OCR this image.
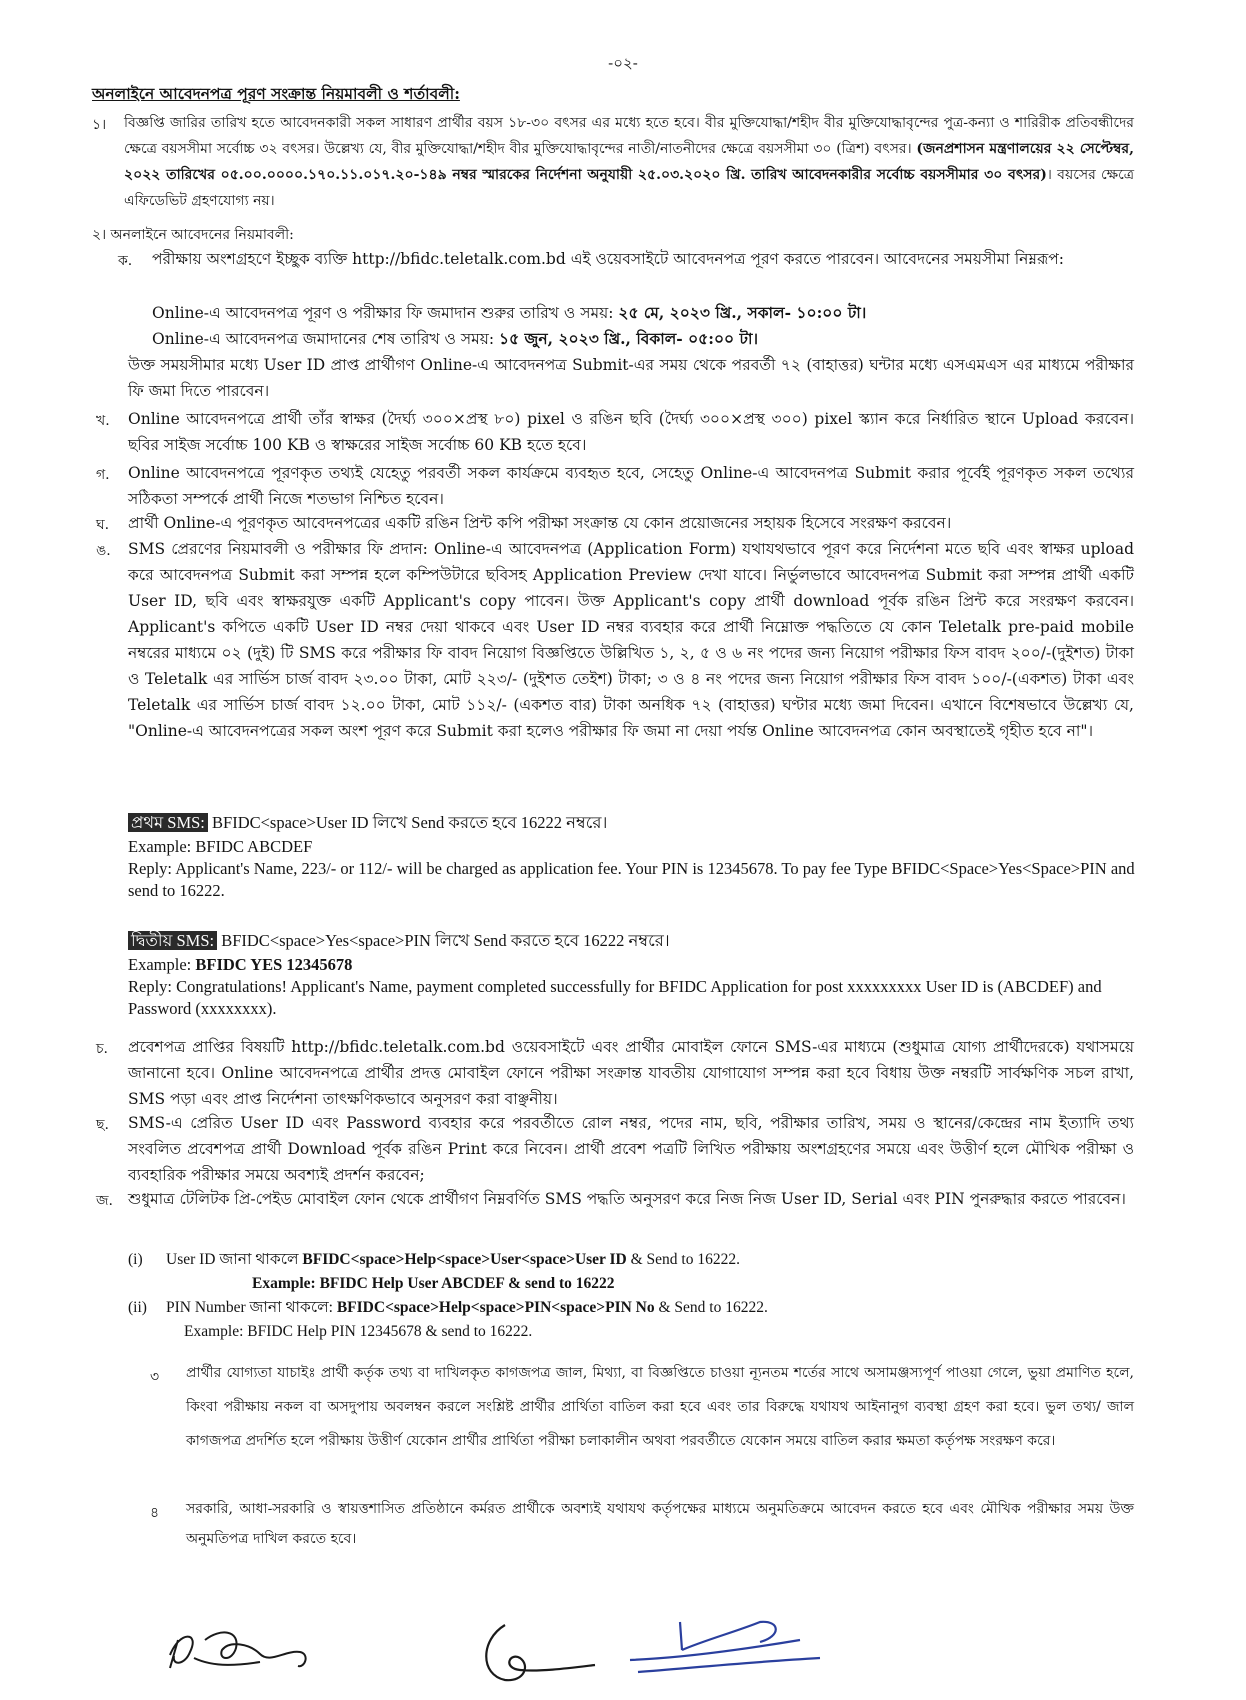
-০২-
অনলাইনে আবেদনপত্র পূরণ সংক্রান্ত নিয়মাবলী ও শর্তাবলী:
১। বিজ্ঞপ্তি জারির তারিখ হতে আবেদনকারী সকল সাধারণ প্রার্থীর বয়স ১৮-৩০ বৎসর এর মধ্যে হতে হবে। বীর মুক্তিযোদ্ধা/শহীদ বীর মুক্তিযোদ্ধাবৃন্দের পুত্র-কন্যা ও শারিরীক প্রতিবন্ধীদের ক্ষেত্রে বয়সসীমা সর্বোচ্চ ৩২ বৎসর। উল্লেখ্য যে, বীর মুক্তিযোদ্ধা/শহীদ বীর মুক্তিযোদ্ধাবৃন্দের নাতী/নাতনীদের ক্ষেত্রে বয়সসীমা ৩০ (ত্রিশ) বৎসর। (জনপ্রশাসন মন্ত্রণালয়ের ২২ সেপ্টেম্বর, ২০২২ তারিখের ০৫.০০.০০০০.১৭০.১১.০১৭.২০-১৪৯ নম্বর স্মারকের নির্দেশনা অনুযায়ী ২৫.০৩.২০২০ খ্রি. তারিখ আবেদনকারীর সর্বোচ্চ বয়সসীমার ৩০ বৎসর)। বয়সের ক্ষেত্রে এফিডেভিট গ্রহণযোগ্য নয়।
২। অনলাইনে আবেদনের নিয়মাবলী:
ক. পরীক্ষায় অংশগ্রহণে ইচ্ছুক ব্যক্তি http://bfidc.teletalk.com.bd এই ওয়েবসাইটে আবেদনপত্র পূরণ করতে পারবেন। আবেদনের সময়সীমা নিম্নরূপ:
Online-এ আবেদনপত্র পূরণ ও পরীক্ষার ফি জমাদান শুরুর তারিখ ও সময়: ২৫ মে, ২০২৩ খ্রি., সকাল- ১০:০০ টা।
Online-এ আবেদনপত্র জমাদানের শেষ তারিখ ও সময়: ১৫ জুন, ২০২৩ খ্রি., বিকাল- ০৫:০০ টা।
উক্ত সময়সীমার মধ্যে User ID প্রাপ্ত প্রার্থীগণ Online-এ আবেদনপত্র Submit-এর সময় থেকে পরবর্তী ৭২ (বাহাত্তর) ঘন্টার মধ্যে এসএমএস এর মাধ্যমে পরীক্ষার ফি জমা দিতে পারবেন।
খ. Online আবেদনপত্রে প্রার্থী তাঁর স্বাক্ষর (দৈর্ঘ্য ৩০০×প্রস্থ ৮০) pixel ও রঙিন ছবি (দৈর্ঘ্য ৩০০×প্রস্থ ৩০০) pixel স্ক্যান করে নির্ধারিত স্থানে Upload করবেন। ছবির সাইজ সর্বোচ্চ 100 KB ও স্বাক্ষরের সাইজ সর্বোচ্চ 60 KB হতে হবে।
গ. Online আবেদনপত্রে পূরণকৃত তথ্যই যেহেতু পরবর্তী সকল কার্যক্রমে ব্যবহৃত হবে, সেহেতু Online-এ আবেদনপত্র Submit করার পূর্বেই পূরণকৃত সকল তথ্যের সঠিকতা সম্পর্কে প্রার্থী নিজে শতভাগ নিশ্চিত হবেন।
ঘ. প্রার্থী Online-এ পূরণকৃত আবেদনপত্রের একটি রঙিন প্রিন্ট কপি পরীক্ষা সংক্রান্ত যে কোন প্রয়োজনের সহায়ক হিসেবে সংরক্ষণ করবেন।
ঙ. SMS প্রেরণের নিয়মাবলী ও পরীক্ষার ফি প্রদান: Online-এ আবেদনপত্র (Application Form) যথাযথভাবে পূরণ করে নির্দেশনা মতে ছবি এবং স্বাক্ষর upload করে আবেদনপত্র Submit করা সম্পন্ন হলে কম্পিউটারে ছবিসহ Application Preview দেখা যাবে। নির্ভুলভাবে আবেদনপত্র Submit করা সম্পন্ন প্রার্থী একটি User ID, ছবি এবং স্বাক্ষরযুক্ত একটি Applicant's copy পাবেন। উক্ত Applicant's copy প্রার্থী download পূর্বক রঙিন প্রিন্ট করে সংরক্ষণ করবেন। Applicant's কপিতে একটি User ID নম্বর দেয়া থাকবে এবং User ID নম্বর ব্যবহার করে প্রার্থী নিম্নোক্ত পদ্ধতিতে যে কোন Teletalk pre-paid mobile নম্বরের মাধ্যমে ০২ (দুই) টি SMS করে পরীক্ষার ফি বাবদ নিয়োগ বিজ্ঞপ্তিতে উল্লিখিত ১, ২, ৫ ও ৬ নং পদের জন্য নিয়োগ পরীক্ষার ফিস বাবদ ২০০/-(দুইশত) টাকা ও Teletalk এর সার্ভিস চার্জ বাবদ ২৩.০০ টাকা, মোট ২২৩/- (দুইশত তেইশ) টাকা; ৩ ও ৪ নং পদের জন্য নিয়োগ পরীক্ষার ফিস বাবদ ১০০/-(একশত) টাকা এবং Teletalk এর সার্ভিস চার্জ বাবদ ১২.০০ টাকা, মোট ১১২/- (একশত বার) টাকা অনধিক ৭২ (বাহাত্তর) ঘণ্টার মধ্যে জমা দিবেন। এখানে বিশেষভাবে উল্লেখ্য যে, "Online-এ আবেদনপত্রের সকল অংশ পূরণ করে Submit করা হলেও পরীক্ষার ফি জমা না দেয়া পর্যন্ত Online আবেদনপত্র কোন অবস্থাতেই গৃহীত হবে না"।
প্রথম SMS: BFIDC<space>User ID লিখে Send করতে হবে 16222 নম্বরে।
Example: BFIDC ABCDEF
Reply: Applicant's Name, 223/- or 112/- will be charged as application fee. Your PIN is 12345678. To pay fee Type BFIDC<Space>Yes<Space>PIN and send to 16222.
দ্বিতীয় SMS: BFIDC<space>Yes<space>PIN লিখে Send করতে হবে 16222 নম্বরে।
Example: BFIDC YES 12345678
Reply: Congratulations! Applicant's Name, payment completed successfully for BFIDC Application for post xxxxxxxxx User ID is (ABCDEF) and Password (xxxxxxxx).
চ. প্রবেশপত্র প্রাপ্তির বিষয়টি http://bfidc.teletalk.com.bd ওয়েবসাইটে এবং প্রার্থীর মোবাইল ফোনে SMS-এর মাধ্যমে (শুধুমাত্র যোগ্য প্রার্থীদেরকে) যথাসময়ে জানানো হবে। Online আবেদনপত্রে প্রার্থীর প্রদত্ত মোবাইল ফোনে পরীক্ষা সংক্রান্ত যাবতীয় যোগাযোগ সম্পন্ন করা হবে বিধায় উক্ত নম্বরটি সার্বক্ষণিক সচল রাখা, SMS পড়া এবং প্রাপ্ত নির্দেশনা তাৎক্ষণিকভাবে অনুসরণ করা বাঞ্ছনীয়।
ছ. SMS-এ প্রেরিত User ID এবং Password ব্যবহার করে পরবর্তীতে রোল নম্বর, পদের নাম, ছবি, পরীক্ষার তারিখ, সময় ও স্থানের/কেন্দ্রের নাম ইত্যাদি তথ্য সংবলিত প্রবেশপত্র প্রার্থী Download পূর্বক রঙিন Print করে নিবেন। প্রার্থী প্রবেশ পত্রটি লিখিত পরীক্ষায় অংশগ্রহণের সময়ে এবং উত্তীর্ণ হলে মৌখিক পরীক্ষা ও ব্যবহারিক পরীক্ষার সময়ে অবশ্যই প্রদর্শন করবেন;
জ. শুধুমাত্র টেলিটক প্রি-পেইড মোবাইল ফোন থেকে প্রার্থীগণ নিম্নবর্ণিত SMS পদ্ধতি অনুসরণ করে নিজ নিজ User ID, Serial এবং PIN পুনরুদ্ধার করতে পারবেন।
(i) User ID জানা থাকলে BFIDC<space>Help<space>User<space>User ID & Send to 16222.
Example: BFIDC Help User ABCDEF & send to 16222
(ii) PIN Number জানা থাকলে: BFIDC<space>Help<space>PIN<space>PIN No & Send to 16222.
Example: BFIDC Help PIN 12345678 & send to 16222.
৩ প্রার্থীর যোগ্যতা যাচাইঃ প্রার্থী কর্তৃক তথ্য বা দাখিলকৃত কাগজপত্র জাল, মিথ্যা, বা বিজ্ঞপ্তিতে চাওয়া ন্যূনতম শর্তের সাথে অসামঞ্জস্যপূর্ণ পাওয়া গেলে, ভুয়া প্রমাণিত হলে, কিংবা পরীক্ষায় নকল বা অসদুপায় অবলম্বন করলে সংশ্লিষ্ট প্রার্থীর প্রার্থিতা বাতিল করা হবে এবং তার বিরুদ্ধে যথাযথ আইনানুগ ব্যবস্থা গ্রহণ করা হবে। ভুল তথ্য/ জাল কাগজপত্র প্রদর্শিত হলে পরীক্ষায় উত্তীর্ণ যেকোন প্রার্থীর প্রার্থিতা পরীক্ষা চলাকালীন অথবা পরবর্তীতে যেকোন সময়ে বাতিল করার ক্ষমতা কর্তৃপক্ষ সংরক্ষণ করে।
৪ সরকারি, আধা-সরকারি ও স্বায়ত্তশাসিত প্রতিষ্ঠানে কর্মরত প্রার্থীকে অবশ্যই যথাযথ কর্তৃপক্ষের মাধ্যমে অনুমতিক্রমে আবেদন করতে হবে এবং মৌখিক পরীক্ষার সময় উক্ত অনুমতিপত্র দাখিল করতে হবে।
